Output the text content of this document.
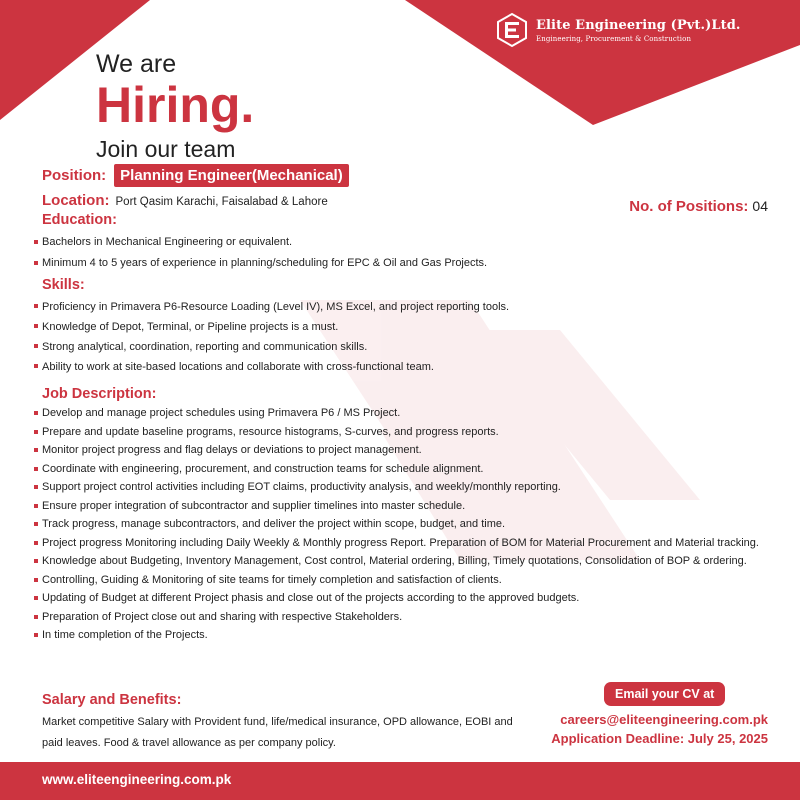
Elite Engineering (Pvt.)Ltd.
Engineering, Procurement & Construction
We are
Hiring.
Join our team
Position: Planning Engineer(Mechanical)
Location: Port Qasim Karachi, Faisalabad & Lahore	No. of Positions: 04
Education:
Bachelors in Mechanical Engineering or equivalent.
Minimum 4 to 5 years of experience in planning/scheduling for EPC & Oil and Gas Projects.
Skills:
Proficiency in Primavera P6-Resource Loading (Level IV), MS Excel, and project reporting tools.
Knowledge of Depot, Terminal, or Pipeline projects is a must.
Strong analytical, coordination, reporting and communication skills.
Ability to work at site-based locations and collaborate with cross-functional team.
Job Description:
Develop and manage project schedules using Primavera P6 / MS Project.
Prepare and update baseline programs, resource histograms, S-curves, and progress reports.
Monitor project progress and flag delays or deviations to project management.
Coordinate with engineering, procurement, and construction teams for schedule alignment.
Support project control activities including EOT claims, productivity analysis, and weekly/monthly reporting.
Ensure proper integration of subcontractor and supplier timelines into master schedule.
Track progress, manage subcontractors, and deliver the project within scope, budget, and time.
Project progress Monitoring including Daily Weekly & Monthly progress Report. Preparation of BOM for Material Procurement and Material tracking.
Knowledge about Budgeting, Inventory Management, Cost control, Material ordering, Billing, Timely quotations, Consolidation of BOP & ordering.
Controlling, Guiding & Monitoring of site teams for timely completion and satisfaction of clients.
Updating of Budget at different Project phasis and close out of the projects according to the approved budgets.
Preparation of Project close out and sharing with respective Stakeholders.
In time completion of the Projects.
Salary and Benefits:
Market competitive Salary with Provident fund, life/medical insurance, OPD allowance, EOBI and paid leaves. Food & travel allowance as per company policy.
Email your CV at
careers@eliteengineering.com.pk
Application Deadline: July 25, 2025
www.eliteengineering.com.pk
